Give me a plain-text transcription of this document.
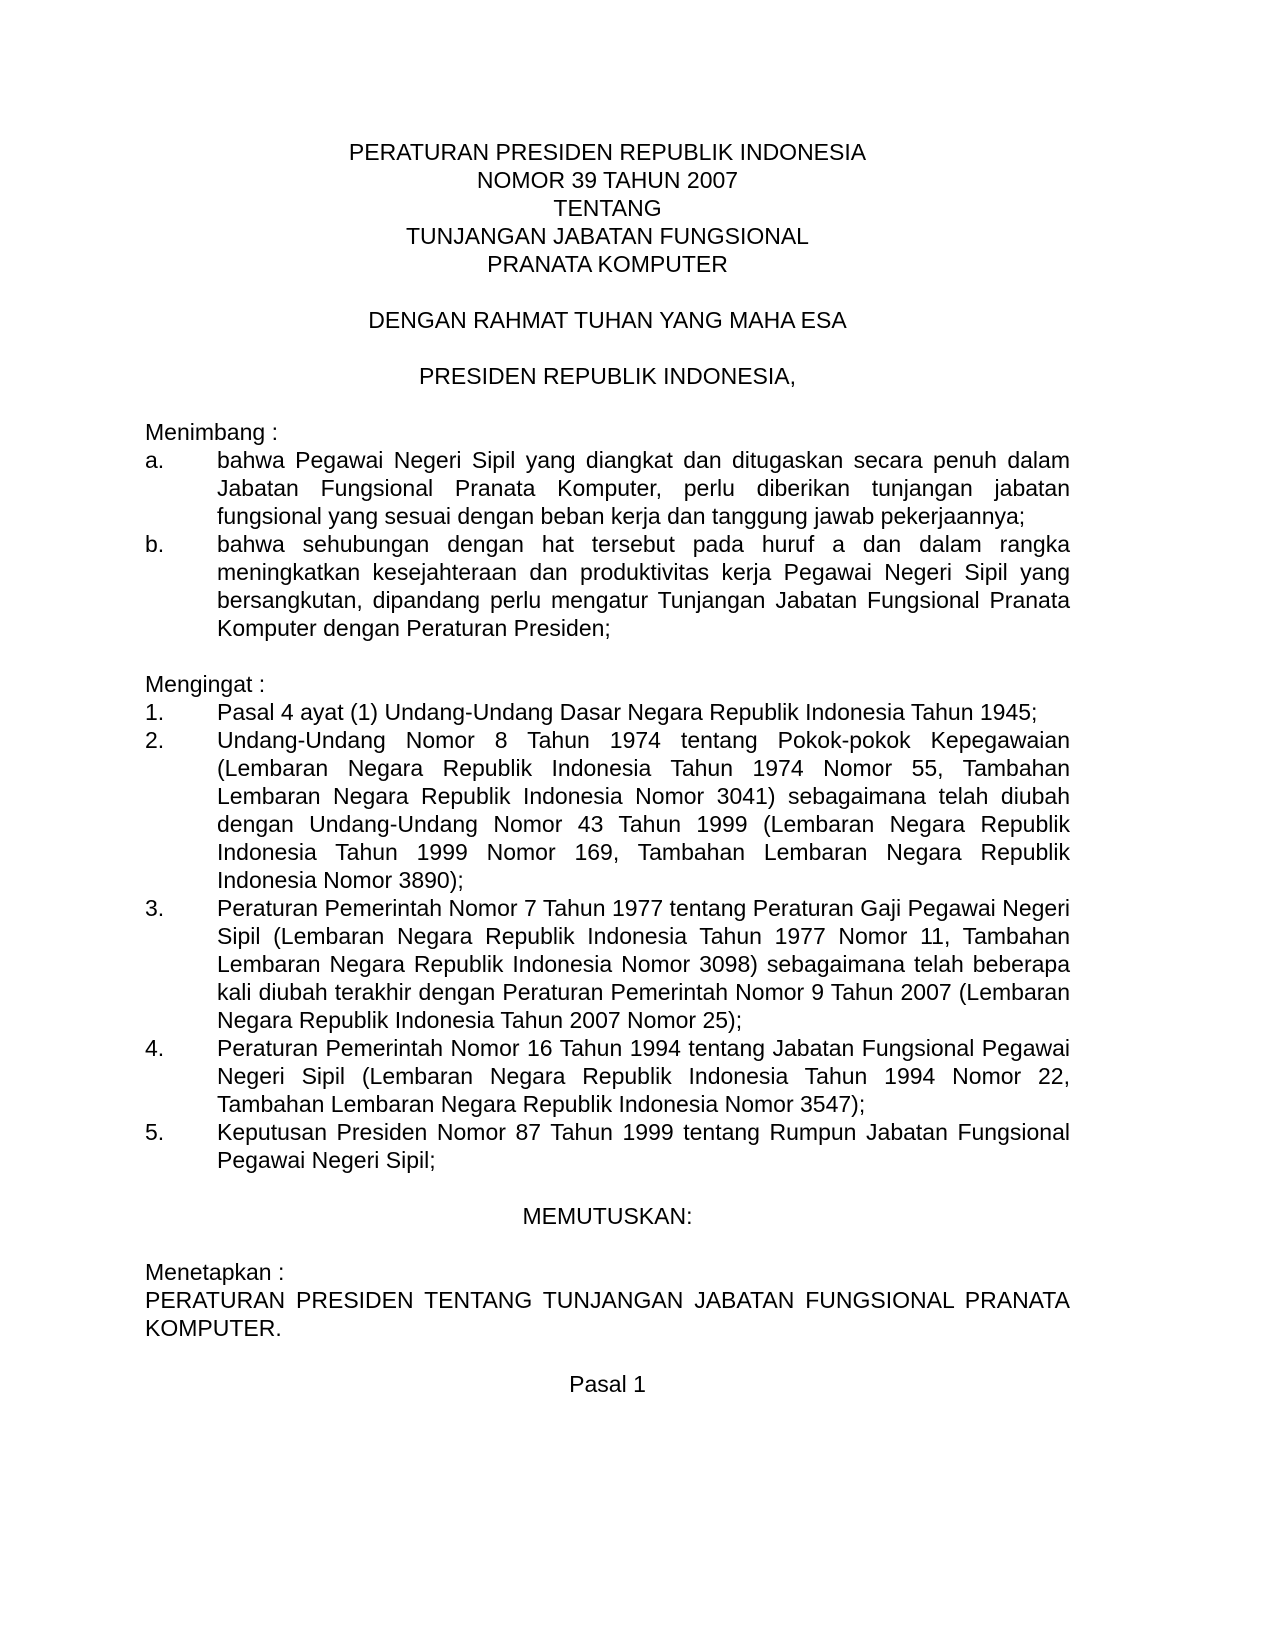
PERATURAN PRESIDEN REPUBLIK INDONESIA
NOMOR 39 TAHUN 2007
TENTANG
TUNJANGAN JABATAN FUNGSIONAL
PRANATA KOMPUTER
DENGAN RAHMAT TUHAN YANG MAHA ESA
PRESIDEN REPUBLIK INDONESIA,
Menimbang :
a.	bahwa Pegawai Negeri Sipil yang diangkat dan ditugaskan secara penuh dalam Jabatan Fungsional Pranata Komputer, perlu diberikan tunjangan jabatan fungsional yang sesuai dengan beban kerja dan tanggung jawab pekerjaannya;
b.	bahwa sehubungan dengan hat tersebut pada huruf a dan dalam rangka meningkatkan kesejahteraan dan produktivitas kerja Pegawai Negeri Sipil yang bersangkutan, dipandang perlu mengatur Tunjangan Jabatan Fungsional Pranata Komputer dengan Peraturan Presiden;
Mengingat :
1.	Pasal 4 ayat (1) Undang-Undang Dasar Negara Republik Indonesia Tahun 1945;
2.	Undang-Undang Nomor 8 Tahun 1974 tentang Pokok-pokok Kepegawaian (Lembaran Negara Republik Indonesia Tahun 1974 Nomor 55, Tambahan Lembaran Negara Republik Indonesia Nomor 3041) sebagaimana telah diubah dengan Undang-Undang Nomor 43 Tahun 1999 (Lembaran Negara Republik Indonesia Tahun 1999 Nomor 169, Tambahan Lembaran Negara Republik Indonesia Nomor 3890);
3.	Peraturan Pemerintah Nomor 7 Tahun 1977 tentang Peraturan Gaji Pegawai Negeri Sipil (Lembaran Negara Republik Indonesia Tahun 1977 Nomor 11, Tambahan Lembaran Negara Republik Indonesia Nomor 3098) sebagaimana telah beberapa kali diubah terakhir dengan Peraturan Pemerintah Nomor 9 Tahun 2007 (Lembaran Negara Republik Indonesia Tahun 2007 Nomor 25);
4.	Peraturan Pemerintah Nomor 16 Tahun 1994 tentang Jabatan Fungsional Pegawai Negeri Sipil (Lembaran Negara Republik Indonesia Tahun 1994 Nomor 22, Tambahan Lembaran Negara Republik Indonesia Nomor 3547);
5.	Keputusan Presiden Nomor 87 Tahun 1999 tentang Rumpun Jabatan Fungsional Pegawai Negeri Sipil;
MEMUTUSKAN:
Menetapkan :
PERATURAN PRESIDEN TENTANG TUNJANGAN JABATAN FUNGSIONAL PRANATA KOMPUTER.
Pasal 1
